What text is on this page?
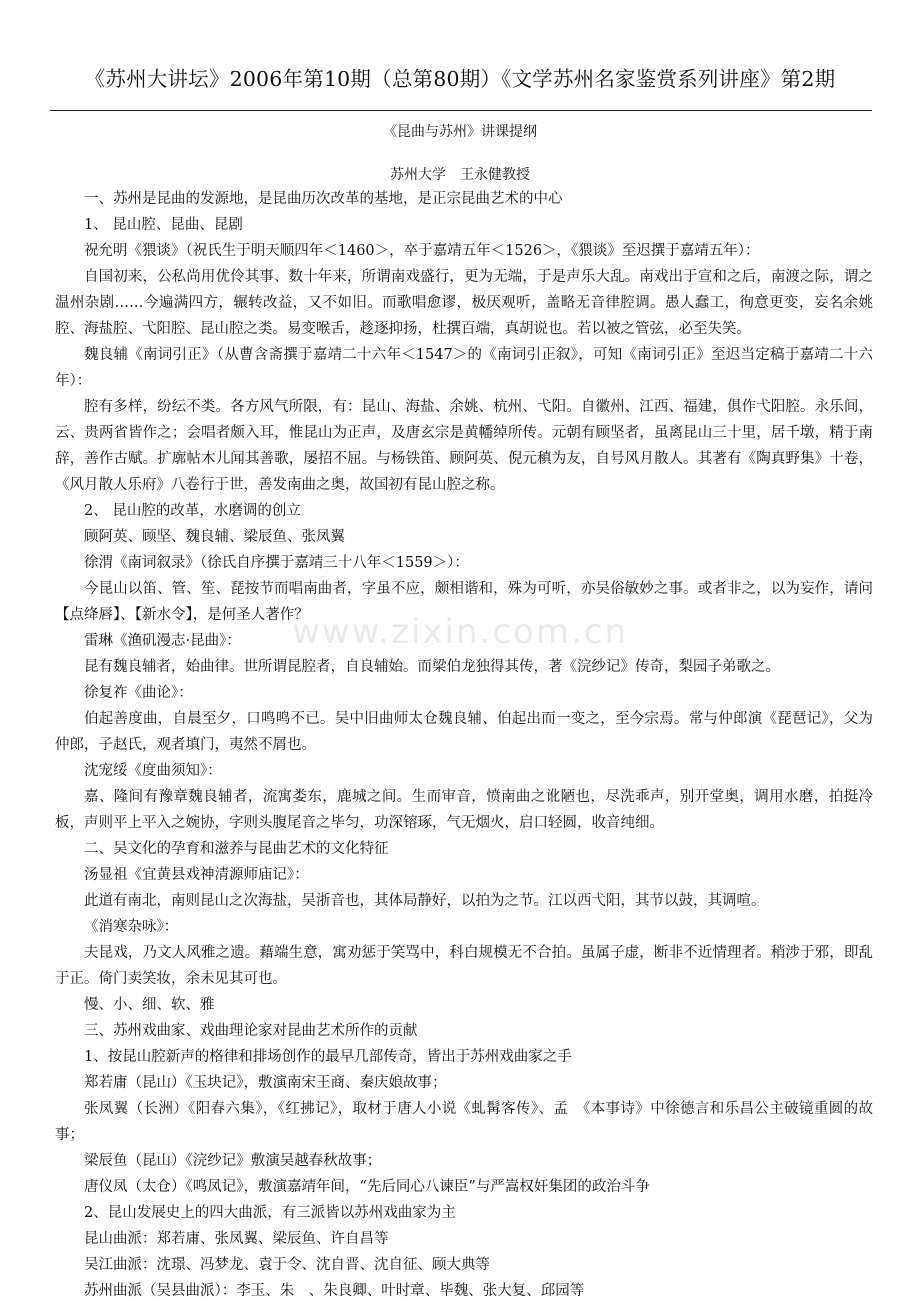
《苏州大讲坛》2006年第10期（总第80期）《文学苏州名家鉴赏系列讲座》第2期
《昆曲与苏州》讲课提纲
苏州大学　王永健教授

一、苏州是昆曲的发源地，是昆曲历次改革的基地，是正宗昆曲艺术的中心

1、 昆山腔、昆曲、昆剧

祝允明《猥谈》（祝氏生于明天顺四年＜1460＞，卒于嘉靖五年＜1526＞，《猥谈》至迟撰于嘉靖五年）：

自国初来，公私尚用优伶其事、数十年来，所谓南戏盛行，更为无端，于是声乐大乱。南戏出于宣和之后，南渡之际，谓之温州杂剧……今遍满四方，辗转改益，又不如旧。而歌唱愈谬，极厌观听，盖略无音律腔调。愚人蠢工，徇意更变，妄名余姚腔、海盐腔、弋阳腔、昆山腔之类。易变喉舌，趁逐抑扬，杜撰百端，真胡说也。若以被之管弦，必至失笑。

魏良辅《南词引正》（从曹含斋撰于嘉靖二十六年＜1547＞的《南词引正叙》，可知《南词引正》至迟当定稿于嘉靖二十六年）：

腔有多样，纷纭不类。各方风气所限，有：昆山、海盐、余姚、杭州、弋阳。自徽州、江西、福建，俱作弋阳腔。永乐间，云、贵两省皆作之；会唱者颇入耳，惟昆山为正声，及唐玄宗是黄幡绰所传。元朝有顾坚者，虽离昆山三十里，居千墩，精于南辞，善作古赋。扩廓帖木儿闻其善歌，屡招不屈。与杨铁笛、顾阿英、倪元稹为友，自号风月散人。其著有《陶真野集》十卷，《风月散人乐府》八卷行于世，善发南曲之奥，故国初有昆山腔之称。

2、 昆山腔的改革，水磨调的创立

顾阿英、顾坚、魏良辅、梁辰鱼、张凤翼

徐渭《南词叙录》（徐氏自序撰于嘉靖三十八年＜1559＞）：

今昆山以笛、管、笙、琵按节而唱南曲者，字虽不应，颇相谐和，殊为可听，亦吴俗敏妙之事。或者非之，以为妄作，请问【点绛唇】、【新水令】，是何圣人著作？

雷琳《渔矶漫志·昆曲》：

昆有魏良辅者，始曲律。世所谓昆腔者，自良辅始。而梁伯龙独得其传，著《浣纱记》传奇，梨园子弟歌之。

徐复祚《曲论》：

伯起善度曲，自晨至夕，口鸣鸣不已。吴中旧曲师太仓魏良辅、伯起出而一变之，至今宗焉。常与仲郎演《琵琶记》，父为仲郎，子赵氏，观者填门，夷然不屑也。

沈宠绥《度曲须知》：

嘉、隆间有豫章魏良辅者，流寓娄东，鹿城之间。生而审音，愤南曲之讹陋也，尽洗乖声，别开堂奥，调用水磨，拍挺冷板，声则平上平入之婉协，字则头腹尾音之毕匀，功深镕琢，气无烟火，启口轻圆，收音纯细。

二、吴文化的孕育和滋养与昆曲艺术的文化特征

汤显祖《宜黄县戏神清源师庙记》：

此道有南北，南则昆山之次海盐，吴浙音也，其体局静好，以拍为之节。江以西弋阳，其节以鼓，其调喧。

《消寒杂咏》：

夫昆戏，乃文人风雅之遗。藉端生意，寓劝惩于笑骂中，科白规模无不合拍。虽属子虚，断非不近情理者。稍涉于邪，即乱于正。倚门卖笑妆，余未见其可也。

慢、小、细、软、雅

三、苏州戏曲家、戏曲理论家对昆曲艺术所作的贡献

1、按昆山腔新声的格律和排场创作的最早几部传奇，皆出于苏州戏曲家之手

郑若庸（昆山）《玉块记》，敷演南宋王商、秦庆娘故事；

张凤翼（长洲）《阳春六集》，《红拂记》，取材于唐人小说《虬髯客传》、孟　《本事诗》中徐德言和乐昌公主破镜重圆的故事；

梁辰鱼（昆山）《浣纱记》敷演吴越春秋故事；

唐仪凤（太仓）《鸣凤记》，敷演嘉靖年间，“先后同心八谏臣”与严嵩权奸集团的政治斗争

2、昆山发展史上的四大曲派，有三派皆以苏州戏曲家为主

昆山曲派：郑若庸、张凤翼、梁辰鱼、许自昌等

吴江曲派：沈璟、冯梦龙、袁于令、沈自晋、沈自征、顾大典等

苏州曲派（吴县曲派）：李玉、朱　、朱良卿、叶时章、毕魏、张大复、邱园等

www.zixin.com.cn
